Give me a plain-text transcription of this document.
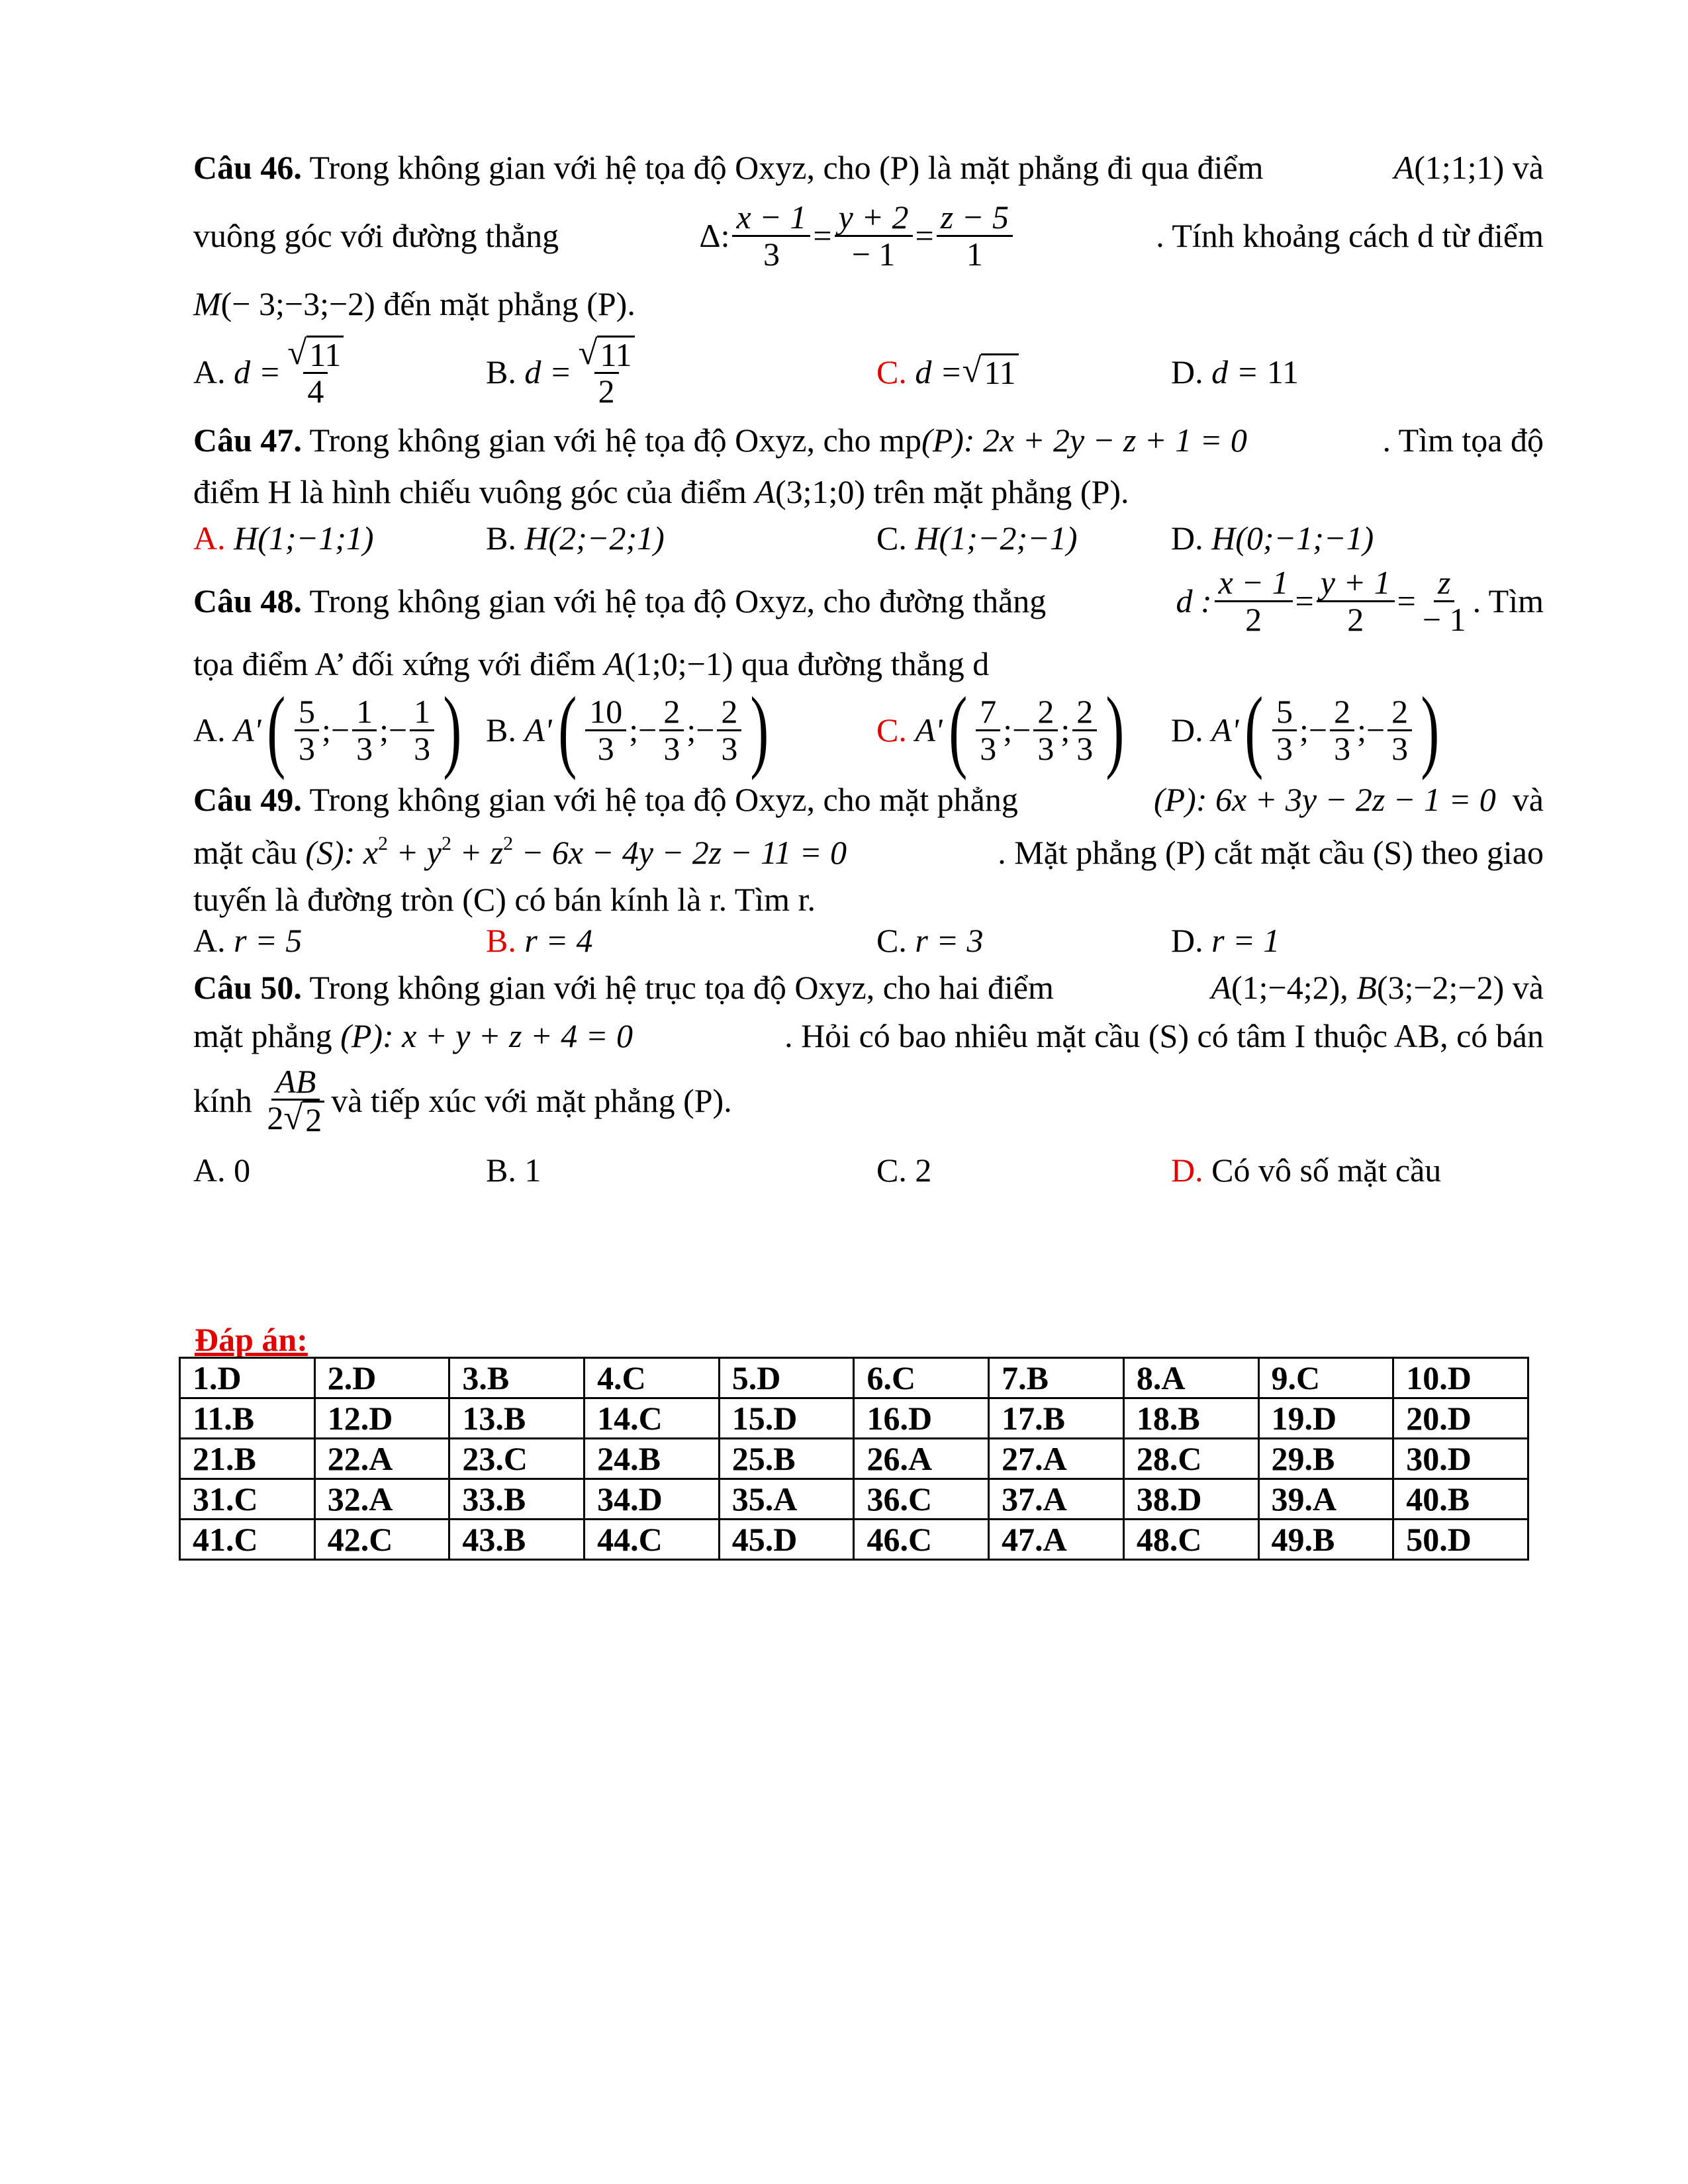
Câu 46. Trong không gian với hệ tọa độ Oxyz, cho (P) là mặt phẳng đi qua điểm	A(1;1;1) và
vuông góc với đường thẳng	Δ: $\frac{x - 1}{3} = \frac{y + 2}{- 1} = \frac{z - 5}{1}$	. Tính khoảng cách d từ điểm
M (− 3;−3;−2)
đến mặt phẳng (P).
A.
$d = \frac{√ 11}{4}$	B.
$d = \frac{√ 11}{2}$	C.
d = √ 11	D.
d =
11
Câu 47. Trong không gian với hệ tọa độ Oxyz, cho mp(P): 2x + 2y − z + 1 = 0	. Tìm tọa độ
điểm H là hình chiếu vuông góc của điểm
A (3;1;0)
trên mặt phẳng (P).
A.
H(1;−1;1)	B.
H(2;−2;1)	C.
H(1;−2;−1)	D.
H(0;−1;−1)
Câu 48. Trong không gian với hệ tọa độ Oxyz, cho đường thẳng	d : $\frac{x - 1}{2} = \frac{y + 1}{2} = \frac{z}{- 1}$ . Tìm
tọa điểm A’ đối xứng với điểm
A (1;0;−1)
qua đường thẳng d
A.
A' ( $\frac{5}{3}$ ;− $\frac{1}{3}$ ;− $\frac{1}{3}$ ) B.
A' ( $\frac{10}{3}$ ;− $\frac{2}{3}$ ;− $\frac{2}{3}$ )	C.
A' ( $\frac{7}{3}$ ;− $\frac{2}{3}$ ; $\frac{2}{3}$ ) D.
A' ( $\frac{5}{3}$ ;− $\frac{2}{3}$ ;− $\frac{2}{3}$ )
Câu 49. Trong không gian với hệ tọa độ Oxyz, cho mặt phẳng	(P): 6x + 3y − 2z − 1 = 0 và
mặt cầu (S): $x^2 + y^2 + z^2 - 6x - 4y - 2z - 11 = 0$	. Mặt phẳng (P) cắt mặt cầu (S) theo giao
tuyến là đường tròn (C) có bán kính là r. Tìm r.
A.
r = 5	B.
r = 4	C.
r = 3	D.
r = 1
Câu 50. Trong không gian với hệ trục tọa độ Oxyz, cho hai điểm	A(1;−4;2), B(3;−2;−2) và
mặt phẳng (P): x + y + z + 4 = 0	. Hỏi có bao nhiêu mặt cầu (S) có tâm I thuộc AB, có bán
kính
$\frac{AB}{2 √ 2}$ và tiếp xúc với mặt phẳng (P).
A. 0	B. 1	C. 2	D.
Có vô số mặt cầu
Đáp án:
1.D	2.D	3.B	4.C	5.D	6.C	7.B	8.A	9.C	10.D
11.B	12.D	13.B	14.C	15.D	16.D	17.B	18.B	19.D	20.D
21.B	22.A	23.C	24.B	25.B	26.A	27.A	28.C	29.B	30.D
31.C	32.A	33.B	34.D	35.A	36.C	37.A	38.D	39.A	40.B
41.C	42.C	43.B	44.C	45.D	46.C	47.A	48.C	49.B	50.D
